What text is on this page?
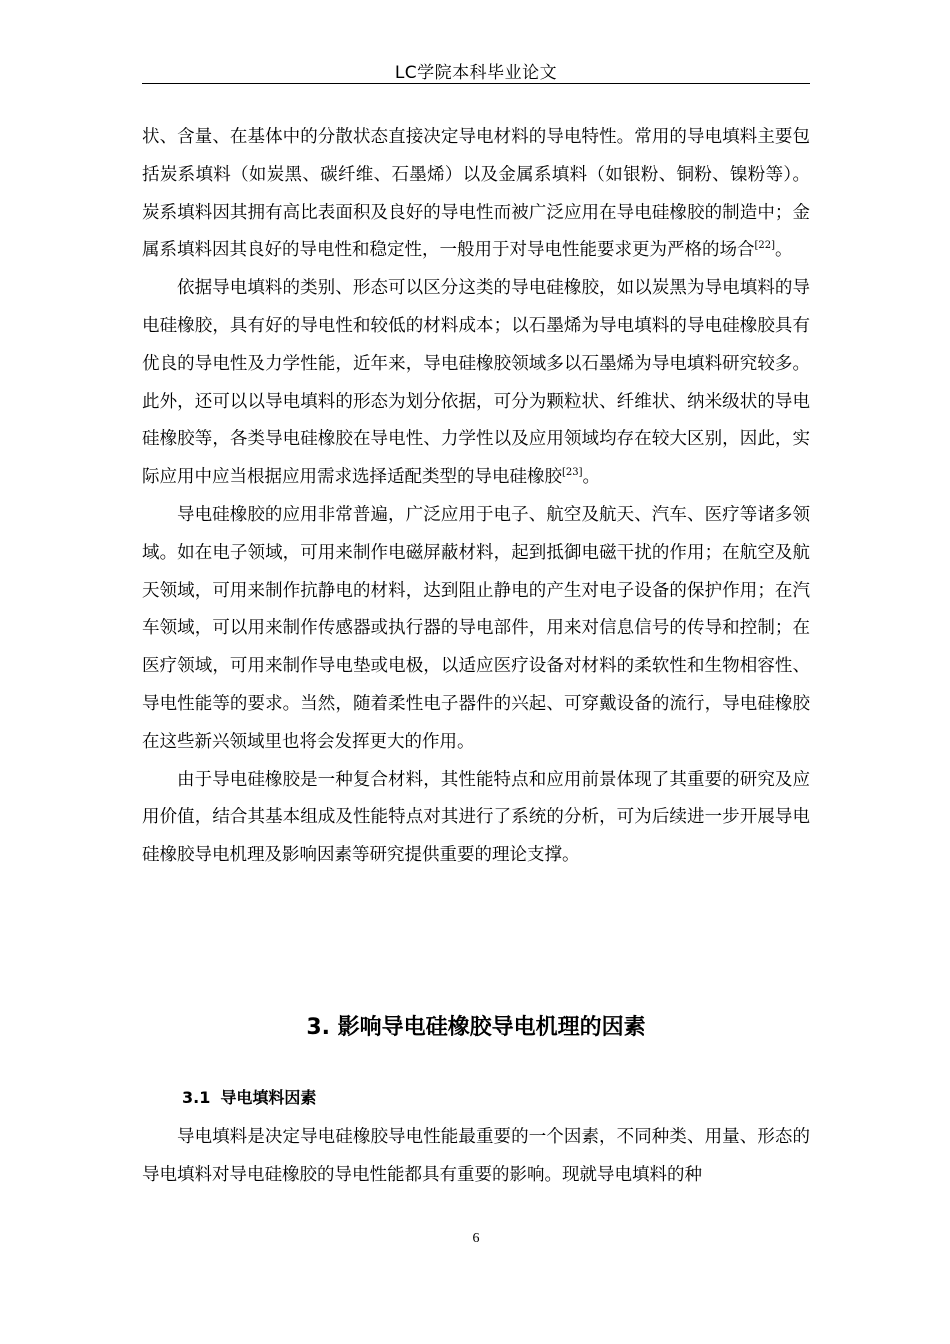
LC学院本科毕业论文

状、含量、在基体中的分散状态直接决定导电材料的导电特性。常用的导电填料主要包括炭系填料（如炭黑、碳纤维、石墨烯）以及金属系填料（如银粉、铜粉、镍粉等）。炭系填料因其拥有高比表面积及良好的导电性而被广泛应用在导电硅橡胶的制造中；金属系填料因其良好的导电性和稳定性，一般用于对导电性能要求更为严格的场合[22]。

依据导电填料的类别、形态可以区分这类的导电硅橡胶，如以炭黑为导电填料的导电硅橡胶，具有好的导电性和较低的材料成本；以石墨烯为导电填料的导电硅橡胶具有优良的导电性及力学性能，近年来，导电硅橡胶领域多以石墨烯为导电填料研究较多。此外，还可以以导电填料的形态为划分依据，可分为颗粒状、纤维状、纳米级状的导电硅橡胶等，各类导电硅橡胶在导电性、力学性以及应用领域均存在较大区别，因此，实际应用中应当根据应用需求选择适配类型的导电硅橡胶[23]。

导电硅橡胶的应用非常普遍，广泛应用于电子、航空及航天、汽车、医疗等诸多领域。如在电子领域，可用来制作电磁屏蔽材料，起到抵御电磁干扰的作用；在航空及航天领域，可用来制作抗静电的材料，达到阻止静电的产生对电子设备的保护作用；在汽车领域，可以用来制作传感器或执行器的导电部件，用来对信息信号的传导和控制；在医疗领域，可用来制作导电垫或电极，以适应医疗设备对材料的柔软性和生物相容性、导电性能等的要求。当然，随着柔性电子器件的兴起、可穿戴设备的流行，导电硅橡胶在这些新兴领域里也将会发挥更大的作用。

由于导电硅橡胶是一种复合材料，其性能特点和应用前景体现了其重要的研究及应用价值，结合其基本组成及性能特点对其进行了系统的分析，可为后续进一步开展导电硅橡胶导电机理及影响因素等研究提供重要的理论支撑。

3. 影响导电硅橡胶导电机理的因素
3.1 导电填料因素

导电填料是决定导电硅橡胶导电性能最重要的一个因素，不同种类、用量、形态的导电填料对导电硅橡胶的导电性能都具有重要的影响。现就导电填料的种

6
